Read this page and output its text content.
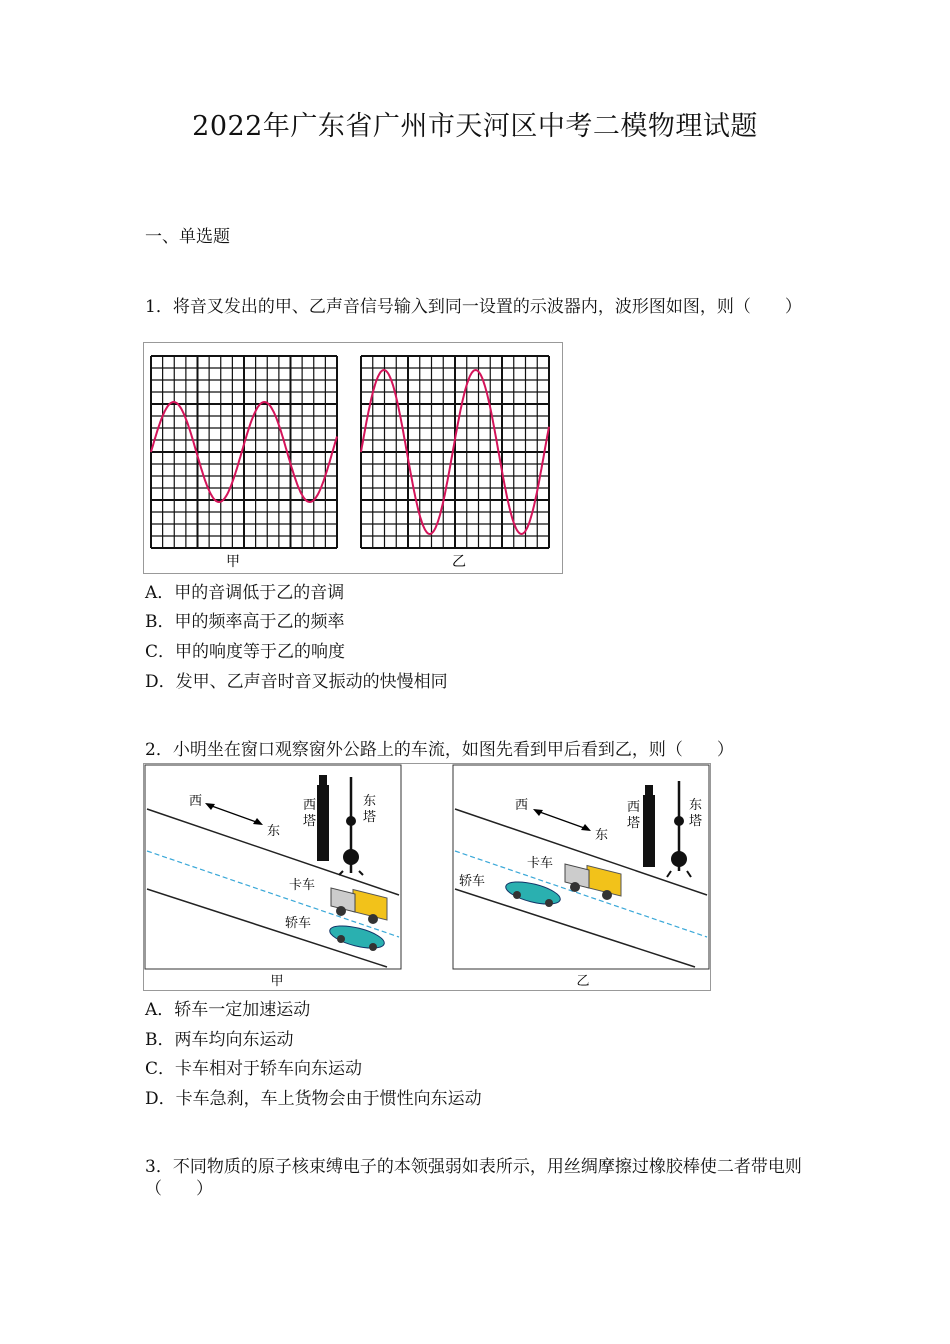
2022年广东省广州市天河区中考二模物理试题
一、单选题
1．将音叉发出的甲、乙声音信号输入到同一设置的示波器内，波形图如图，则（　　）
甲	乙
A．甲的音调低于乙的音调
B．甲的频率高于乙的频率
C．甲的响度等于乙的响度
D．发甲、乙声音时音叉振动的快慢相同
2．小明坐在窗口观察窗外公路上的车流，如图先看到甲后看到乙，则（　　）
西
东
西
塔
东
塔
卡车
轿车
西
东
西
塔
东
塔
卡车
轿车
甲	乙
A．轿车一定加速运动
B．两车均向东运动
C．卡车相对于轿车向东运动
D．卡车急刹，车上货物会由于惯性向东运动
3．不同物质的原子核束缚电子的本领强弱如表所示，用丝绸摩擦过橡胶棒使二者带电则（　　）
